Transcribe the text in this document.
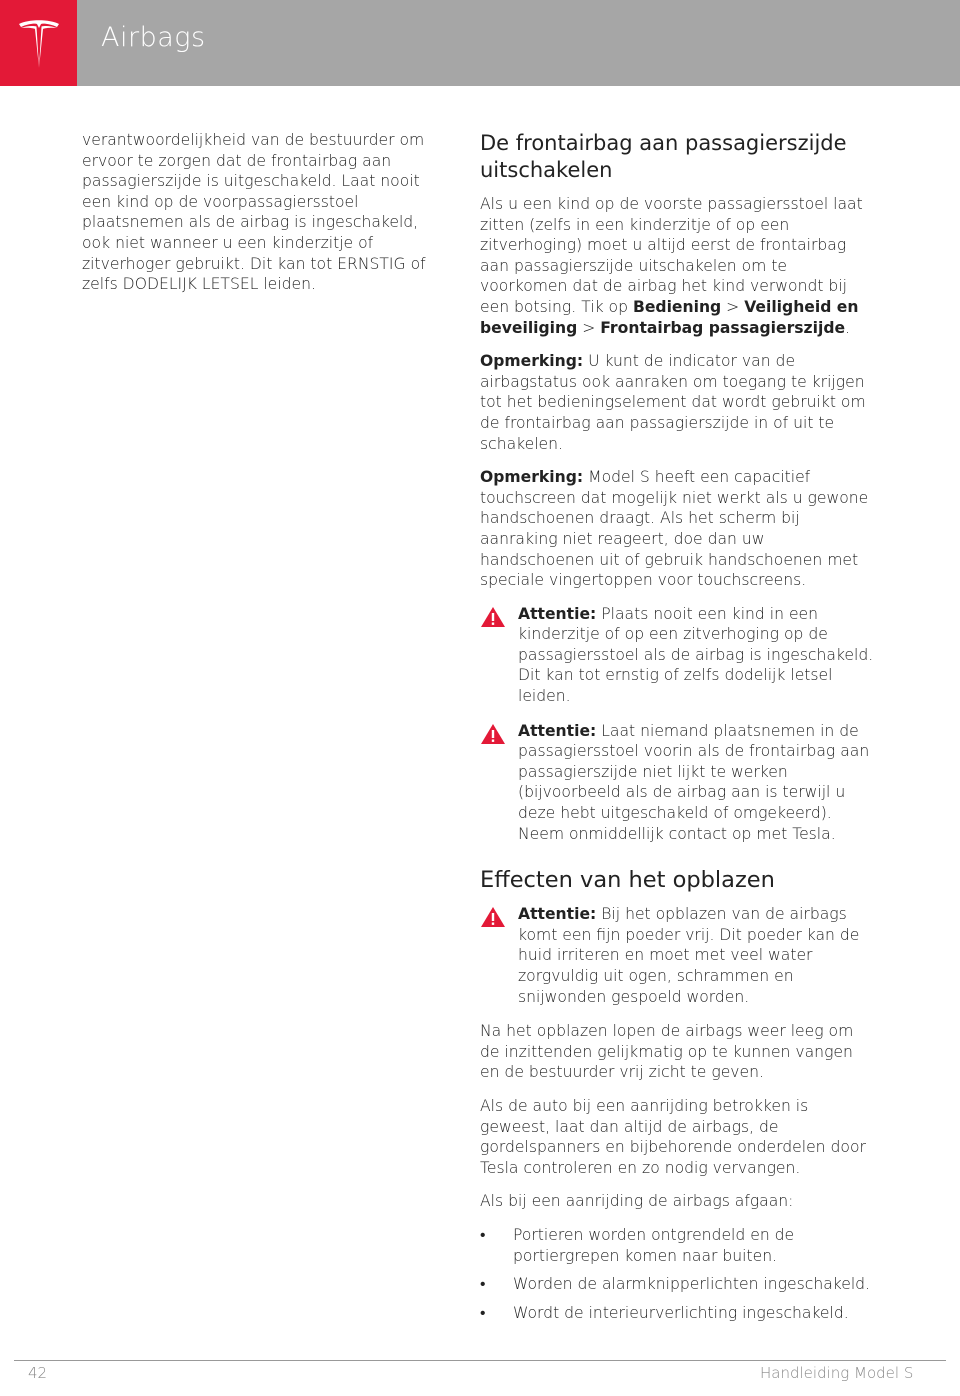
Airbags

verantwoordelijkheid van de bestuurder om ervoor te zorgen dat de frontairbag aan passagierszijde is uitgeschakeld. Laat nooit een kind op de voorpassagiersstoel plaatsnemen als de airbag is ingeschakeld, ook niet wanneer u een kinderzitje of zitverhoger gebruikt. Dit kan tot ERNSTIG of zelfs DODELIJK LETSEL leiden.

De frontairbag aan passagierszijde uitschakelen

Als u een kind op de voorste passagiersstoel laat zitten (zelfs in een kinderzitje of op een zitverhoging) moet u altijd eerst de frontairbag aan passagierszijde uitschakelen om te voorkomen dat de airbag het kind verwondt bij een botsing. Tik op Bediening > Veiligheid en beveiliging > Frontairbag passagierszijde.

Opmerking: U kunt de indicator van de airbagstatus ook aanraken om toegang te krijgen tot het bedieningselement dat wordt gebruikt om de frontairbag aan passagierszijde in of uit te schakelen.

Opmerking: Model S heeft een capacitief touchscreen dat mogelijk niet werkt als u gewone handschoenen draagt. Als het scherm bij aanraking niet reageert, doe dan uw handschoenen uit of gebruik handschoenen met speciale vingertoppen voor touchscreens.

Attentie: Plaats nooit een kind in een kinderzitje of op een zitverhoging op de passagiersstoel als de airbag is ingeschakeld. Dit kan tot ernstig of zelfs dodelijk letsel leiden.

Attentie: Laat niemand plaatsnemen in de passagiersstoel voorin als de frontairbag aan passagierszijde niet lijkt te werken (bijvoorbeeld als de airbag aan is terwijl u deze hebt uitgeschakeld of omgekeerd). Neem onmiddellijk contact op met Tesla.

Effecten van het opblazen

Attentie: Bij het opblazen van de airbags komt een fijn poeder vrij. Dit poeder kan de huid irriteren en moet met veel water zorgvuldig uit ogen, schrammen en snijwonden gespoeld worden.

Na het opblazen lopen de airbags weer leeg om de inzittenden gelijkmatig op te kunnen vangen en de bestuurder vrij zicht te geven.

Als de auto bij een aanrijding betrokken is geweest, laat dan altijd de airbags, de gordelspanners en bijbehorende onderdelen door Tesla controleren en zo nodig vervangen.

Als bij een aanrijding de airbags afgaan:

• Portieren worden ontgrendeld en de portiergrepen komen naar buiten.
• Worden de alarmknipperlichten ingeschakeld.
• Wordt de interieurverlichting ingeschakeld.
42	Handleiding Model S
